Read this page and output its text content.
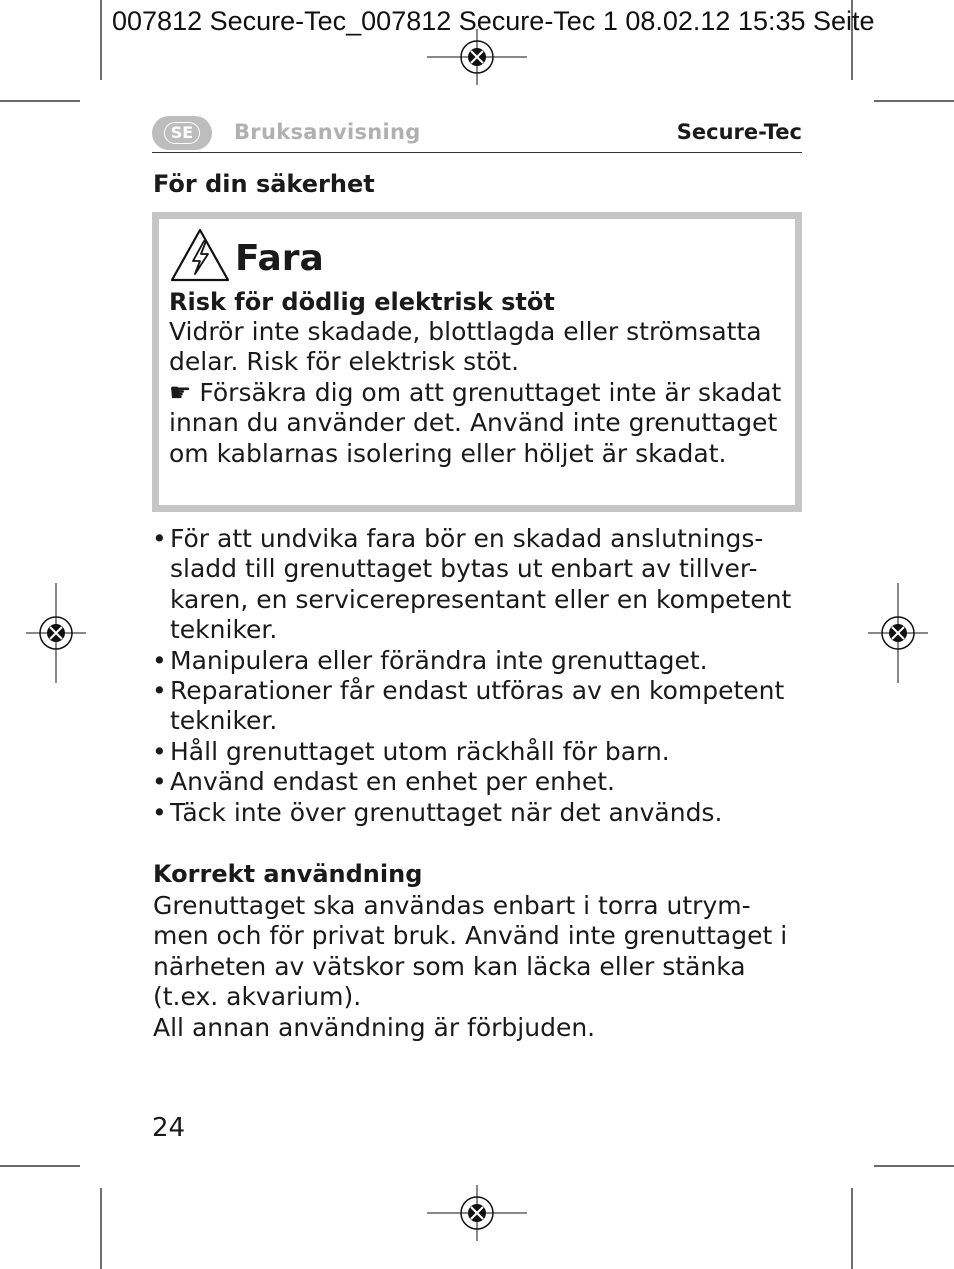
007812 Secure-Tec_007812 Secure-Tec 1 08.02.12 15:35 Seite
SE	Bruksanvisning	Secure-Tec
För din säkerhet
Fara
Risk för dödlig elektrisk stöt

Vidrör inte skadade, blottlagda eller strömsatta delar. Risk för elektrisk stöt.

☛ Försäkra dig om att grenuttaget inte är skadat innan du använder det. Använd inte grenuttaget om kablarnas isolering eller höljet är skadat.

• För att undvika fara bör en skadad anslutnings-sladd till grenuttaget bytas ut enbart av tillver-karen, en servicerepresentant eller en kompetent tekniker.
• Manipulera eller förändra inte grenuttaget.
• Reparationer får endast utföras av en kompetent tekniker.
• Håll grenuttaget utom räckhåll för barn.
• Använd endast en enhet per enhet.
• Täck inte över grenuttaget när det används.
Korrekt användning
Grenuttaget ska användas enbart i torra utrym-men och för privat bruk. Använd inte grenuttaget i närheten av vätskor som kan läcka eller stänka (t.ex. akvarium).
All annan användning är förbjuden.
24
